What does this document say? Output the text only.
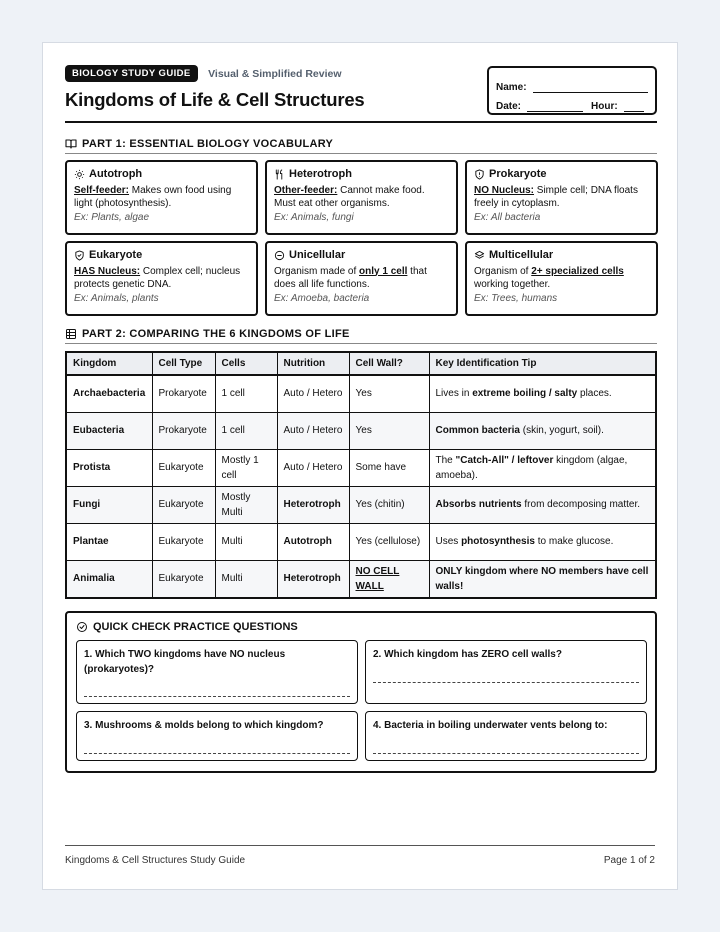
BIOLOGY STUDY GUIDE Visual & Simplified Review
Kingdoms of Life & Cell Structures
Name:
Date:	Hour:
PART 1: ESSENTIAL BIOLOGY VOCABULARY
Autotroph
Self-feeder: Makes own food using light (photosynthesis).
Ex: Plants, algae
Heterotroph
Other-feeder: Cannot make food. Must eat other organisms.
Ex: Animals, fungi
Prokaryote
NO Nucleus: Simple cell; DNA floats freely in cytoplasm.
Ex: All bacteria
Eukaryote
HAS Nucleus: Complex cell; nucleus protects genetic DNA.
Ex: Animals, plants
Unicellular
Organism made of only 1 cell that does all life functions.
Ex: Amoeba, bacteria
Multicellular
Organism of 2+ specialized cells working together.
Ex: Trees, humans
PART 2: COMPARING THE 6 KINGDOMS OF LIFE
Kingdom	Cell Type	Cells	Nutrition	Cell Wall?	Key Identification Tip
Archaebacteria	Prokaryote	1 cell	Auto / Hetero	Yes	Lives in extreme boiling / salty places.
Eubacteria	Prokaryote	1 cell	Auto / Hetero	Yes	Common bacteria (skin, yogurt, soil).
Protista	Eukaryote	Mostly 1 cell	Auto / Hetero	Some have	The "Catch-All" / leftover kingdom (algae, amoeba).
Fungi	Eukaryote	Mostly Multi	Heterotroph	Yes (chitin)	Absorbs nutrients from decomposing matter.
Plantae	Eukaryote	Multi	Autotroph	Yes (cellulose)	Uses photosynthesis to make glucose.
Animalia	Eukaryote	Multi	Heterotroph	NO CELL WALL	ONLY kingdom where NO members have cell walls!
QUICK CHECK PRACTICE QUESTIONS
1. Which TWO kingdoms have NO nucleus (prokaryotes)?
2. Which kingdom has ZERO cell walls?
3. Mushrooms & molds belong to which kingdom?	4. Bacteria in boiling underwater vents belong to:
Kingdoms & Cell Structures Study Guide	Page 1 of 2
